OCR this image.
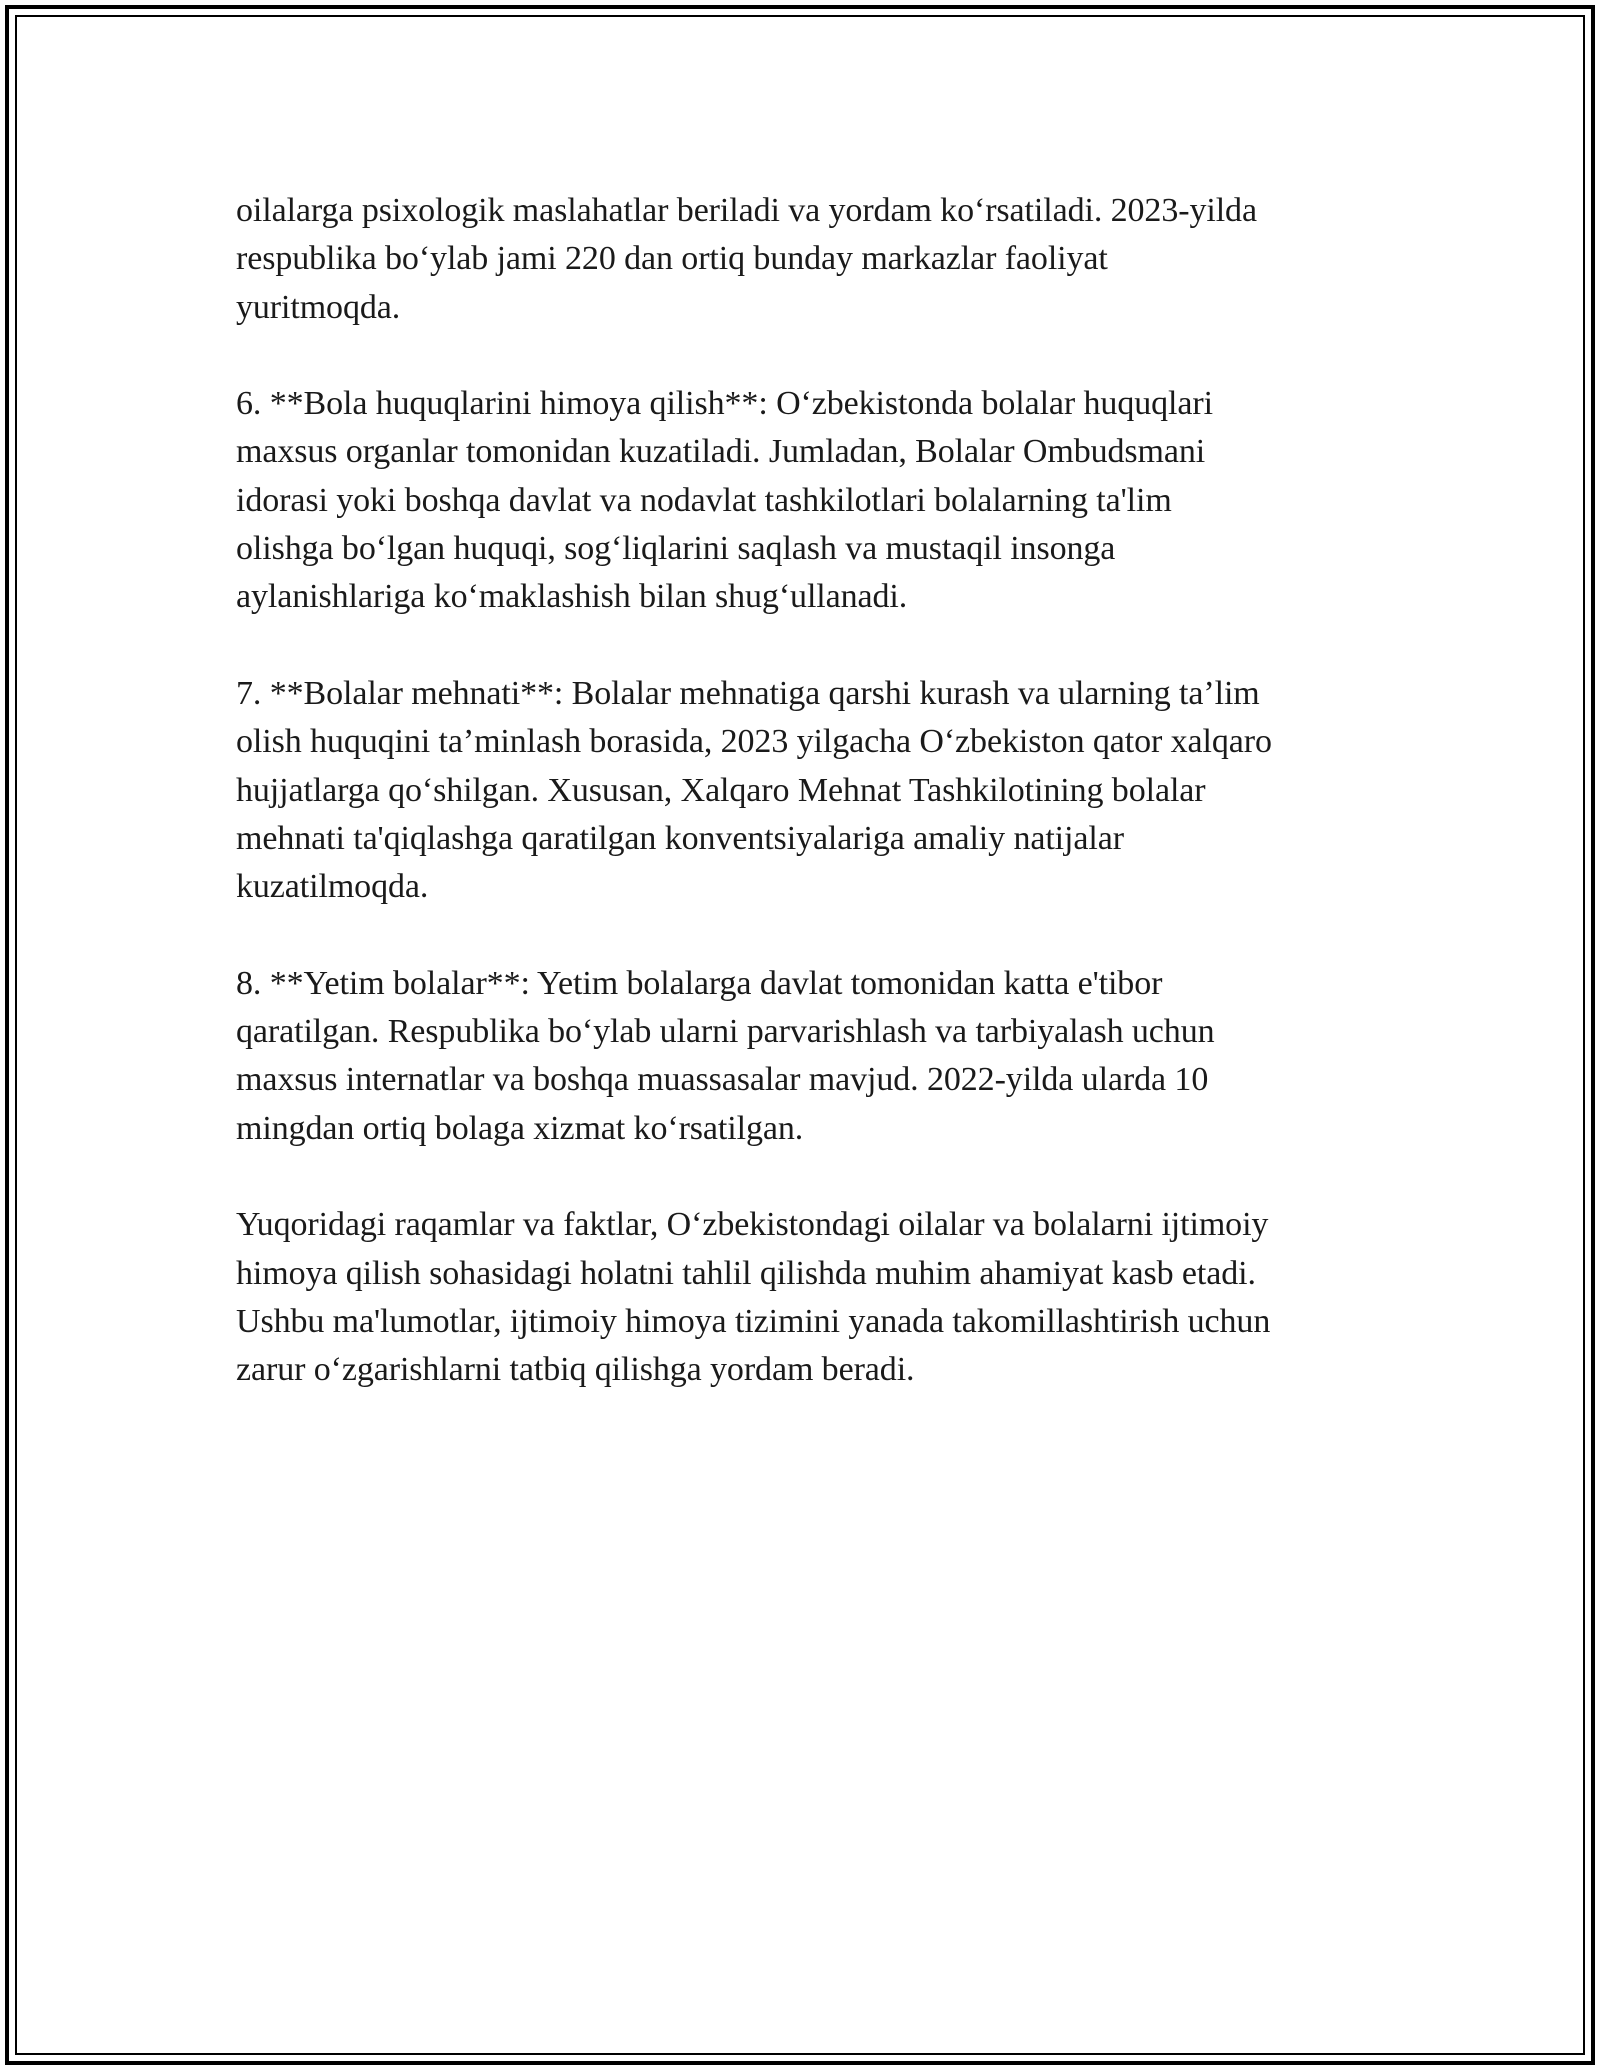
oilalarga psixologik maslahatlar beriladi va yordam koʻrsatiladi. 2023-yilda
respublika boʻylab jami 220 dan ortiq bunday markazlar faoliyat
yuritmoqda.

6. **Bola huquqlarini himoya qilish**: Oʻzbekistonda bolalar huquqlari
maxsus organlar tomonidan kuzatiladi. Jumladan, Bolalar Ombudsmani
idorasi yoki boshqa davlat va nodavlat tashkilotlari bolalarning ta'lim
olishga boʻlgan huquqi, sogʻliqlarini saqlash va mustaqil insonga
aylanishlariga koʻmaklashish bilan shugʻullanadi.

7. **Bolalar mehnati**: Bolalar mehnatiga qarshi kurash va ularning ta’lim
olish huquqini ta’minlash borasida, 2023 yilgacha Oʻzbekiston qator xalqaro
hujjatlarga qoʻshilgan. Xususan, Xalqaro Mehnat Tashkilotining bolalar
mehnati ta'qiqlashga qaratilgan konventsiyalariga amaliy natijalar
kuzatilmoqda.

8. **Yetim bolalar**: Yetim bolalarga davlat tomonidan katta e'tibor
qaratilgan. Respublika boʻylab ularni parvarishlash va tarbiyalash uchun
maxsus internatlar va boshqa muassasalar mavjud. 2022-yilda ularda 10
mingdan ortiq bolaga xizmat koʻrsatilgan.

Yuqoridagi raqamlar va faktlar, Oʻzbekistondagi oilalar va bolalarni ijtimoiy
himoya qilish sohasidagi holatni tahlil qilishda muhim ahamiyat kasb etadi.
Ushbu ma'lumotlar, ijtimoiy himoya tizimini yanada takomillashtirish uchun
zarur oʻzgarishlarni tatbiq qilishga yordam beradi.
